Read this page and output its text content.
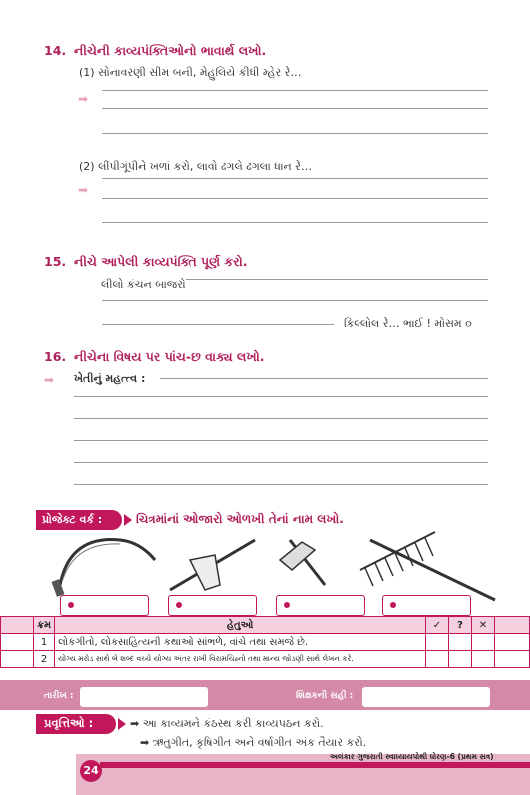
14. નીચેની કાવ્યપંક્તિઓનો ભાવાર્થ લખો.
(1) સોનાવરણી સીમ બની, મેહુલિયે કીધી મ્હેર રે…
➡
(2) લીંપીગૂંપીને ખળાં કરો, લાવો ઢગલે ઢગલા ધાન રે…
➡
15. નીચે આપેલી કાવ્યપંક્તિ પૂર્ણ કરો.
લીલો કંચન બાજરો
કિલ્લોલ રે… ભાઈ ! મોસમ ૦
16. નીચેના વિષય પર પાંચ-છ વાક્ય લખો.
➡ ખેતીનું મહત્ત્વ :
પ્રોજેક્ટ વર્ક :	ચિત્રમાંનાં ઓજારો ઓળખી તેનાં નામ લખો.
	ક્રમ	હેતુઓ	✓	?	✕	
	1	લોકગીતો, લોકસાહિત્યની કથાઓ સાંભળે, વાંચે તથા સમજે છે.				
	2	યોગ્ય મરોડ સાથે બે શબ્દ વચ્ચે યોગ્ય અંતર રાખી વિરામચિહ્નો તથા માન્ય જોડણી સાથે લેખન કરે.				
તારીખ :	શિક્ષકની સહી :
પ્રવૃત્તિઓ :	➡ આ કાવ્યમને કંઠસ્થ કરી કાવ્યપઠન કરો.
➡ ઋતુગીત, કૃષિગીત અને વર્ષાગીત અંક તૈયાર કરો.
24
અલંકાર ગુજરાતી સ્વાધ્યાયપોથી ધોરણ-6 (પ્રથમ સત્ર)
